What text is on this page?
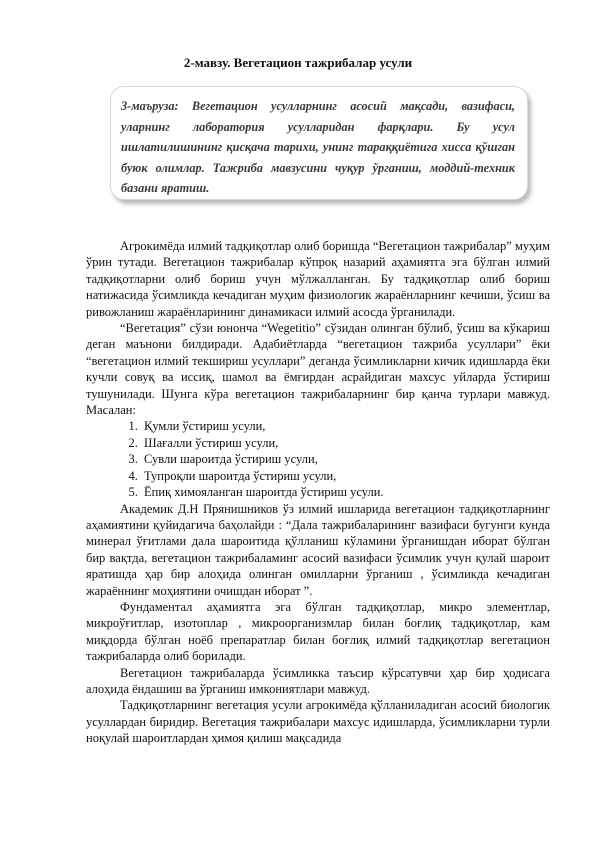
2-мавзу. Вегетацион тажрибалар усули
3-маъруза: Вегетацион усулларнинг асосий мақсади, вазифаси, уларнинг лаборатория усулларидан фарқлари. Бу усул ишлатилишининг қисқача тарихи, унинг тараққиётига хисса қўшган буюк олимлар. Тажриба мавзусини чуқур ўрганиш, моддий-техник базани яратиш.

Агрокимёда илмий тадқиқотлар олиб боришда “Вегетацион тажрибалар” муҳим ўрин тутади. Вегетацион тажрибалар кўпроқ назарий аҳамиятга эга бўлган илмий тадқиқотларни олиб бориш учун мўлжалланган. Бу тадқиқотлар олиб бориш натижасида ўсимликда кечадиган муҳим физиологик жараёнларнинг кечиши, ўсиш ва ривожланиш жараёнларининг динамикаси илмий асосда ўрганилади.

“Вегетация” сўзи юнонча “Wegetitio” сўзидан олинган бўлиб, ўсиш ва кўкариш деган маънони билдиради. Адабиётларда “вегетацион тажриба усуллари” ёки “вегетацион илмий текшириш усуллари” деганда ўсимликларни кичик идишларда ёки кучли совуқ ва иссиқ, шамол ва ёмғирдан асрайдиган махсус уйларда ўстириш тушунилади. Шунга кўра вегетацион тажрибаларнинг бир қанча турлари мавжуд. Масалан:

1. Қумли ўстириш усули,
2. Шағалли ўстириш усули,
3. Сувли шароитда ўстириш усули,
4. Тупроқли шароитда ўстириш усули,
5. Ёпиқ химояланган шароитда ўстириш усули.

Академик Д.Н Прянишников ўз илмий ишларида вегетацион тадқиқотларнинг аҳамиятини қуйидагича баҳолайди : “Дала тажрибаларининг вазифаси бугунги кунда минерал ўғитлами дала шароитида қўлланиш кўламини ўрганишдан иборат бўлган бир вақтда, вегетацион тажрибаламинг асосий вазифаси ўсимлик учун қулай шароит яратишда ҳар бир алоҳида олинган омилларни ўрганиш , ўсимликда кечадиган жараённинг моҳиятини очишдан иборат ”.

Фундаментал аҳамиятга эга бўлган тадқиқотлар, микро элементлар, микроўғитлар, изотоплар , микроорганизмлар билан боғлиқ тадқиқотлар, кам миқдорда бўлган ноёб препаратлар билан боғлиқ илмий тадқиқотлар вегетацион тажрибаларда олиб борилади.

Вегетацион тажрибаларда ўсимликка таъсир кўрсатувчи ҳар бир ҳодисага алоҳида ёндашиш ва ўрганиш имкониятлари мавжуд.

Тадқиқотларнинг вегетация усули агрокимёда қўлланиладиган асосий биологик усуллардан биридир. Вегетация тажрибалари махсус идишларда, ўсимликларни турли ноқулай шароитлардан ҳимоя қилиш мақсадида
